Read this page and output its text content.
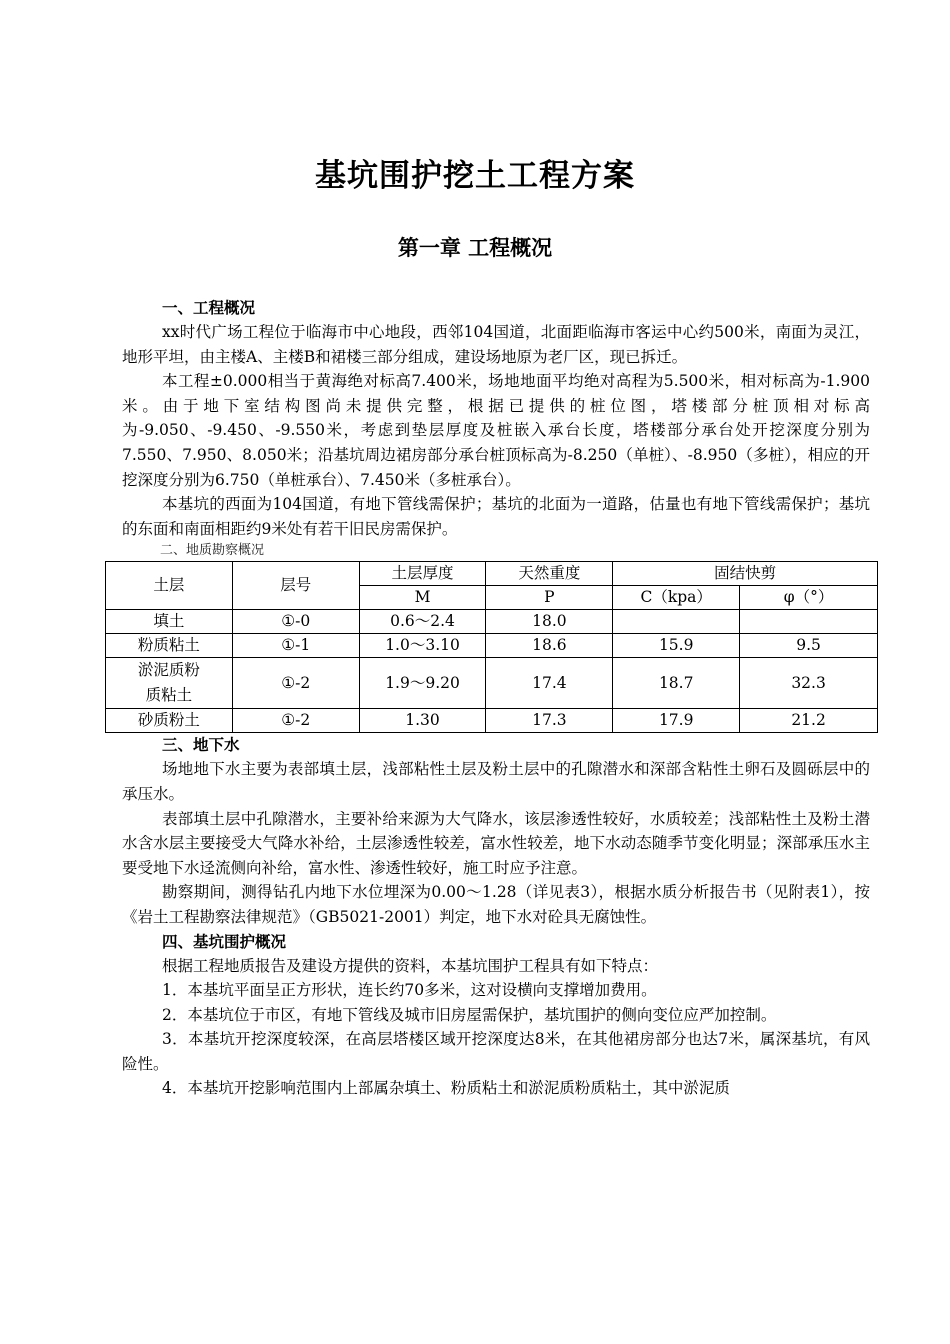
基坑围护挖土工程方案
第一章 工程概况
一、工程概况

xx时代广场工程位于临海市中心地段，西邻104国道，北面距临海市客运中心约500米，南面为灵江，地形平坦，由主楼A、主楼B和裙楼三部分组成，建设场地原为老厂区，现已拆迁。

本工程±0.000相当于黄海绝对标高7.400米，场地地面平均绝对高程为5.500米，相对标高为-1.900米。由于地下室结构图尚未提供完整，根据已提供的桩位图，塔楼部分桩顶相对标高为-9.050、-9.450、-9.550米，考虑到垫层厚度及桩嵌入承台长度，塔楼部分承台处开挖深度分别为7.550、7.950、8.050米；沿基坑周边裙房部分承台桩顶标高为-8.250（单桩）、-8.950（多桩），相应的开挖深度分别为6.750（单桩承台）、7.450米（多桩承台）。

本基坑的西面为104国道，有地下管线需保护；基坑的北面为一道路，估量也有地下管线需保护；基坑的东面和南面相距约9米处有若干旧民房需保护。

二、地质勘察概况
土层	层号	土层厚度	天然重度	固结快剪	
		M	P	C（kpa）	φ（°）
填土	①-0	0.6～2.4	18.0		
粉质粘土	①-1	1.0～3.10	18.6	15.9	9.5

淤泥质粉
质粘土	①-2	1.9～9.20	17.4	18.7	32.3
砂质粉土	①-2	1.30	17.3	17.9	21.2
三、地下水

场地地下水主要为表部填土层，浅部粘性土层及粉土层中的孔隙潜水和深部含粘性土卵石及圆砾层中的承压水。

表部填土层中孔隙潜水，主要补给来源为大气降水，该层渗透性较好，水质较差；浅部粘性土及粉土潜水含水层主要接受大气降水补给，土层渗透性较差，富水性较差，地下水动态随季节变化明显；深部承压水主要受地下水迳流侧向补给，富水性、渗透性较好，施工时应予注意。

勘察期间，测得钻孔内地下水位埋深为0.00～1.28（详见表3），根据水质分析报告书（见附表1），按《岩土工程勘察法律规范》（GB5021-2001）判定，地下水对砼具无腐蚀性。

四、基坑围护概况

根据工程地质报告及建设方提供的资料，本基坑围护工程具有如下特点：

1．本基坑平面呈正方形状，连长约70多米，这对设横向支撑增加费用。

2．本基坑位于市区，有地下管线及城市旧房屋需保护，基坑围护的侧向变位应严加控制。

3．本基坑开挖深度较深，在高层塔楼区域开挖深度达8米，在其他裙房部分也达7米，属深基坑，有风险性。

4．本基坑开挖影响范围内上部属杂填土、粉质粘土和淤泥质粉质粘土，其中淤泥质
